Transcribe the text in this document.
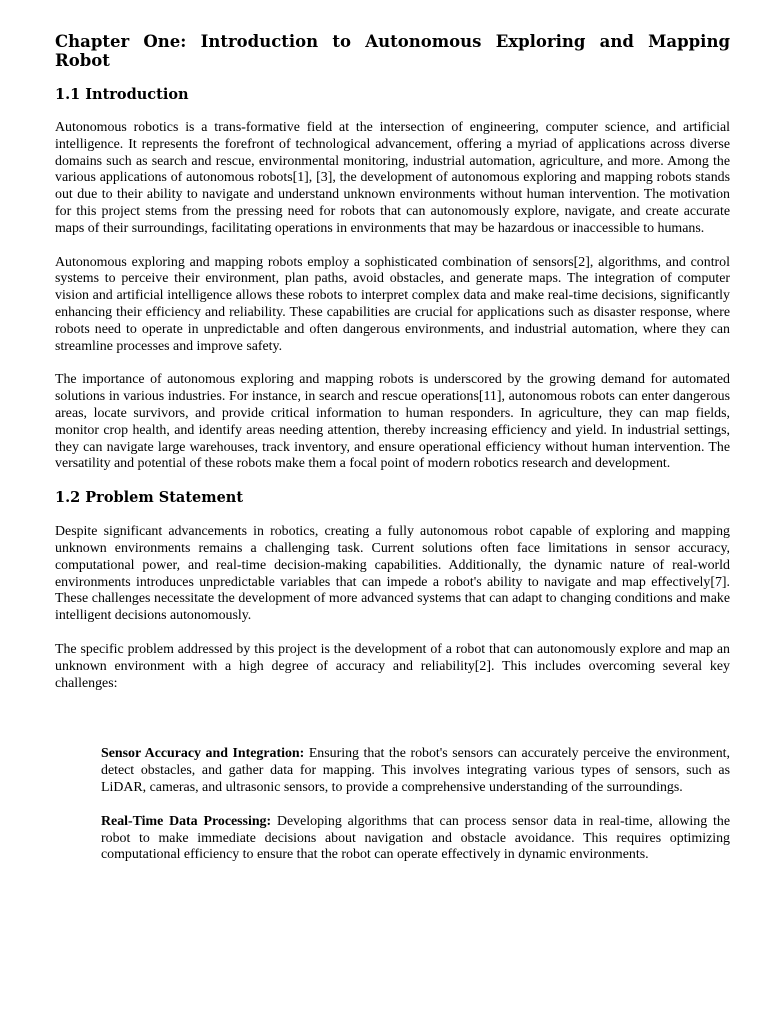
Chapter One: Introduction to Autonomous Exploring and Mapping Robot
1.1 Introduction

Autonomous robotics is a trans-formative field at the intersection of engineering, computer science, and artificial intelligence. It represents the forefront of technological advancement, offering a myriad of applications across diverse domains such as search and rescue, environmental monitoring, industrial automation, agriculture, and more. Among the various applications of autonomous robots[1], [3], the development of autonomous exploring and mapping robots stands out due to their ability to navigate and understand unknown environments without human intervention. The motivation for this project stems from the pressing need for robots that can autonomously explore, navigate, and create accurate maps of their surroundings, facilitating operations in environments that may be hazardous or inaccessible to humans.

Autonomous exploring and mapping robots employ a sophisticated combination of sensors[2], algorithms, and control systems to perceive their environment, plan paths, avoid obstacles, and generate maps. The integration of computer vision and artificial intelligence allows these robots to interpret complex data and make real-time decisions, significantly enhancing their efficiency and reliability. These capabilities are crucial for applications such as disaster response, where robots need to operate in unpredictable and often dangerous environments, and industrial automation, where they can streamline processes and improve safety.

The importance of autonomous exploring and mapping robots is underscored by the growing demand for automated solutions in various industries. For instance, in search and rescue operations[11], autonomous robots can enter dangerous areas, locate survivors, and provide critical information to human responders. In agriculture, they can map fields, monitor crop health, and identify areas needing attention, thereby increasing efficiency and yield. In industrial settings, they can navigate large warehouses, track inventory, and ensure operational efficiency without human intervention. The versatility and potential of these robots make them a focal point of modern robotics research and development.

1.2 Problem Statement

Despite significant advancements in robotics, creating a fully autonomous robot capable of exploring and mapping unknown environments remains a challenging task. Current solutions often face limitations in sensor accuracy, computational power, and real-time decision-making capabilities. Additionally, the dynamic nature of real-world environments introduces unpredictable variables that can impede a robot's ability to navigate and map effectively[7]. These challenges necessitate the development of more advanced systems that can adapt to changing conditions and make intelligent decisions autonomously.

The specific problem addressed by this project is the development of a robot that can autonomously explore and map an unknown environment with a high degree of accuracy and reliability[2]. This includes overcoming several key challenges:

Sensor Accuracy and Integration: Ensuring that the robot's sensors can accurately perceive the environment, detect obstacles, and gather data for mapping. This involves integrating various types of sensors, such as LiDAR, cameras, and ultrasonic sensors, to provide a comprehensive understanding of the surroundings.

Real-Time Data Processing: Developing algorithms that can process sensor data in real-time, allowing the robot to make immediate decisions about navigation and obstacle avoidance. This requires optimizing computational efficiency to ensure that the robot can operate effectively in dynamic environments.
